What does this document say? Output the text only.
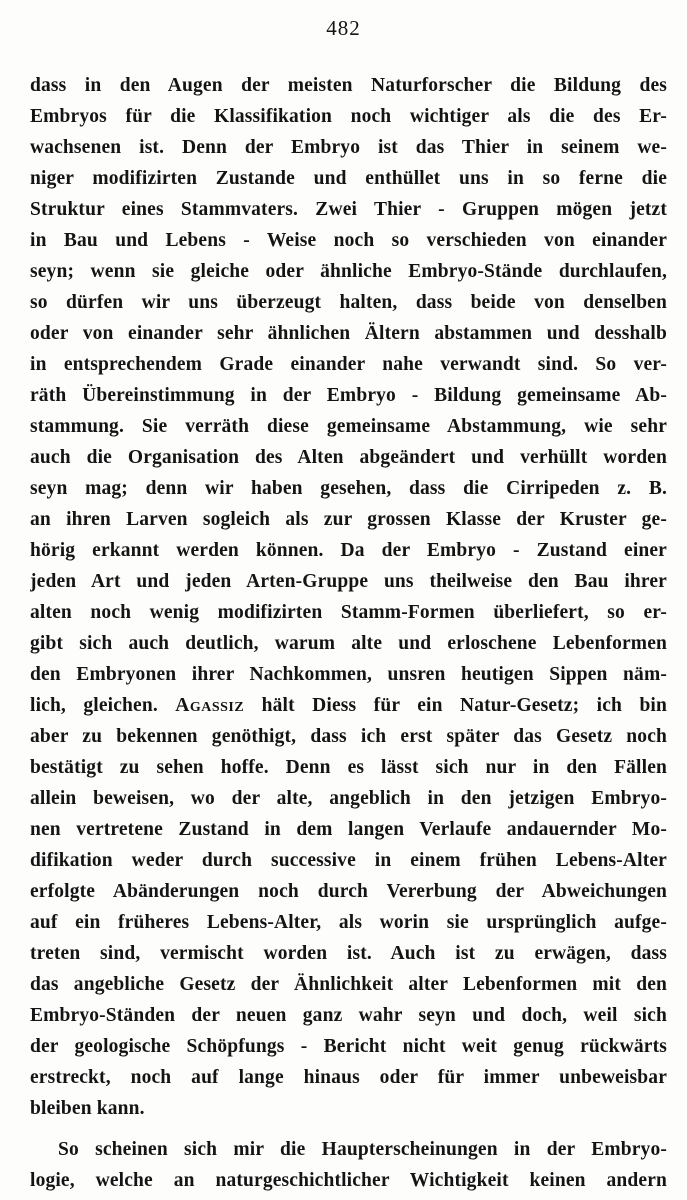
482
dass in den Augen der meisten Naturforscher die Bildung des
Embryos für die Klassifikation noch wichtiger als die des Er-
wachsenen ist. Denn der Embryo ist das Thier in seinem we-
niger modifizirten Zustande und enthüllet uns in so ferne die
Struktur eines Stammvaters. Zwei Thier - Gruppen mögen jetzt
in Bau und Lebens - Weise noch so verschieden von einander
seyn; wenn sie gleiche oder ähnliche Embryo-Stände durchlaufen,
so dürfen wir uns überzeugt halten, dass beide von denselben
oder von einander sehr ähnlichen Ältern abstammen und desshalb
in entsprechendem Grade einander nahe verwandt sind. So ver-
räth Übereinstimmung in der Embryo - Bildung gemeinsame Ab-
stammung. Sie verräth diese gemeinsame Abstammung, wie sehr
auch die Organisation des Alten abgeändert und verhüllt worden
seyn mag; denn wir haben gesehen, dass die Cirripeden z. B.
an ihren Larven sogleich als zur grossen Klasse der Kruster ge-
hörig erkannt werden können. Da der Embryo - Zustand einer
jeden Art und jeden Arten-Gruppe uns theilweise den Bau ihrer
alten noch wenig modifizirten Stamm-Formen überliefert, so er-
gibt sich auch deutlich, warum alte und erloschene Lebenformen
den Embryonen ihrer Nachkommen, unsren heutigen Sippen näm-
lich, gleichen. Agassiz hält Diess für ein Natur-Gesetz; ich bin
aber zu bekennen genöthigt, dass ich erst später das Gesetz noch
bestätigt zu sehen hoffe. Denn es lässt sich nur in den Fällen
allein beweisen, wo der alte, angeblich in den jetzigen Embryo-
nen vertretene Zustand in dem langen Verlaufe andauernder Mo-
difikation weder durch successive in einem frühen Lebens-Alter
erfolgte Abänderungen noch durch Vererbung der Abweichungen
auf ein früheres Lebens-Alter, als worin sie ursprünglich aufge-
treten sind, vermischt worden ist. Auch ist zu erwägen, dass
das angebliche Gesetz der Ähnlichkeit alter Lebenformen mit den
Embryo-Ständen der neuen ganz wahr seyn und doch, weil sich
der geologische Schöpfungs - Bericht nicht weit genug rückwärts
erstreckt, noch auf lange hinaus oder für immer unbeweisbar
bleiben kann.
So scheinen sich mir die Haupterscheinungen in der Embryo-
logie, welche an naturgeschichtlicher Wichtigkeit keinen andern
